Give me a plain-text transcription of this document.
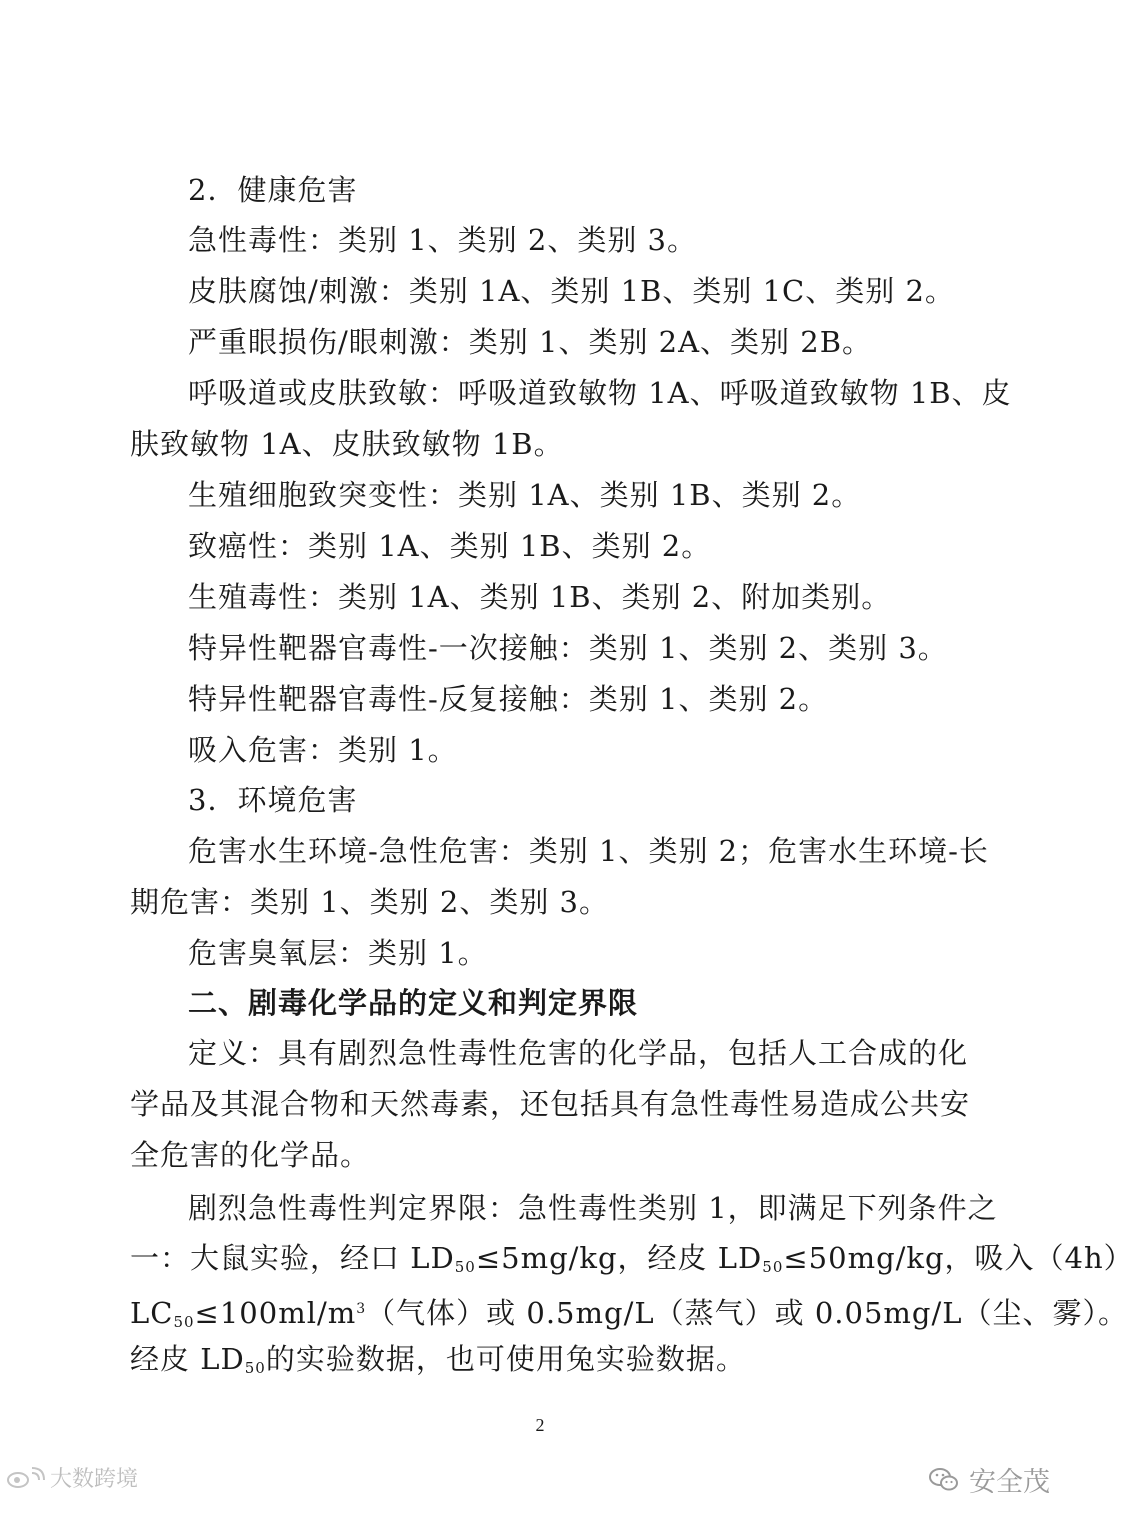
2．健康危害
急性毒性：类别 1、类别 2、类别 3。
皮肤腐蚀/刺激：类别 1A、类别 1B、类别 1C、类别 2。
严重眼损伤/眼刺激：类别 1、类别 2A、类别 2B。
呼吸道或皮肤致敏：呼吸道致敏物 1A、呼吸道致敏物 1B、皮
肤致敏物 1A、皮肤致敏物 1B。
生殖细胞致突变性：类别 1A、类别 1B、类别 2。
致癌性：类别 1A、类别 1B、类别 2。
生殖毒性：类别 1A、类别 1B、类别 2、附加类别。
特异性靶器官毒性-一次接触：类别 1、类别 2、类别 3。
特异性靶器官毒性-反复接触：类别 1、类别 2。
吸入危害：类别 1。
3．环境危害
危害水生环境-急性危害：类别 1、类别 2；危害水生环境-长
期危害：类别 1、类别 2、类别 3。
危害臭氧层：类别 1。
二、剧毒化学品的定义和判定界限
定义：具有剧烈急性毒性危害的化学品，包括人工合成的化
学品及其混合物和天然毒素，还包括具有急性毒性易造成公共安
全危害的化学品。
剧烈急性毒性判定界限：急性毒性类别 1，即满足下列条件之
一：大鼠实验，经口 $LD_{50}\le 5mg/kg$，经皮 $LD_{50}\le 50mg/kg$，吸入（4h）
$LC_{50}\le 100ml/m^3$（气体）或 0.5mg/L（蒸气）或 0.05mg/L（尘、雾）。
经皮 $LD_{50}$的实验数据，也可使用兔实验数据。
2
大数跨境	安全茂
